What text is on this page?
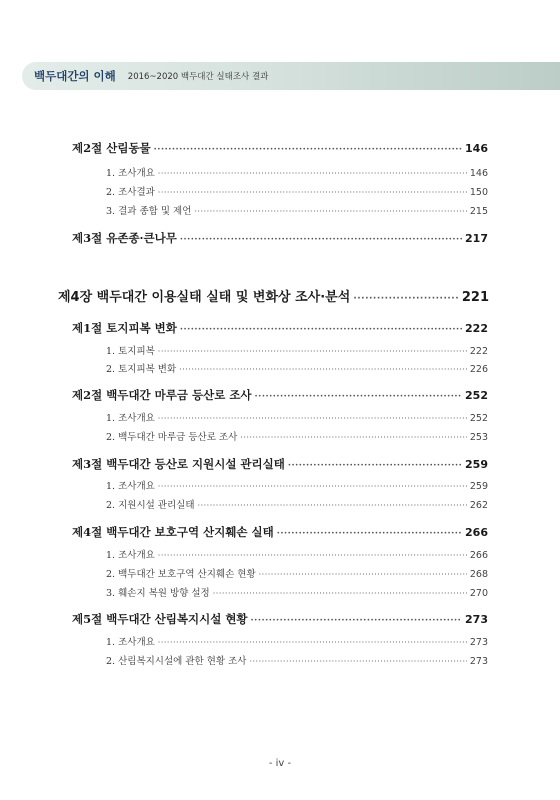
백두대간의 이해 2016~2020 백두대간 실태조사 결과
제2절 산림동물 ·····	146
1. 조사개요 ·····	146
2. 조사결과 ·····	150
3. 결과 종합 및 제언 ·····	215
제3절 유존종·큰나무 ·····	217
제4장 백두대간 이용실태 실태 및 변화상 조사·분석 ·····	221
제1절 토지피복 변화 ·····	222
1. 토지피복 ·····	222
2. 토지피복 변화 ·····	226
제2절 백두대간 마루금 등산로 조사 ·····	252
1. 조사개요 ·····	252
2. 백두대간 마루금 등산로 조사 ·····	253
제3절 백두대간 등산로 지원시설 관리실태 ·····	259
1. 조사개요 ·····	259
2. 지원시설 관리실태 ·····	262
제4절 백두대간 보호구역 산지훼손 실태 ·····	266
1. 조사개요 ·····	266
2. 백두대간 보호구역 산지훼손 현황 ·····	268
3. 훼손지 복원 방향 설정 ·····	270
제5절 백두대간 산림복지시설 현황 ·····	273
1. 조사개요 ·····	273
2. 산림복지시설에 관한 현황 조사 ·····	273
- iv -
